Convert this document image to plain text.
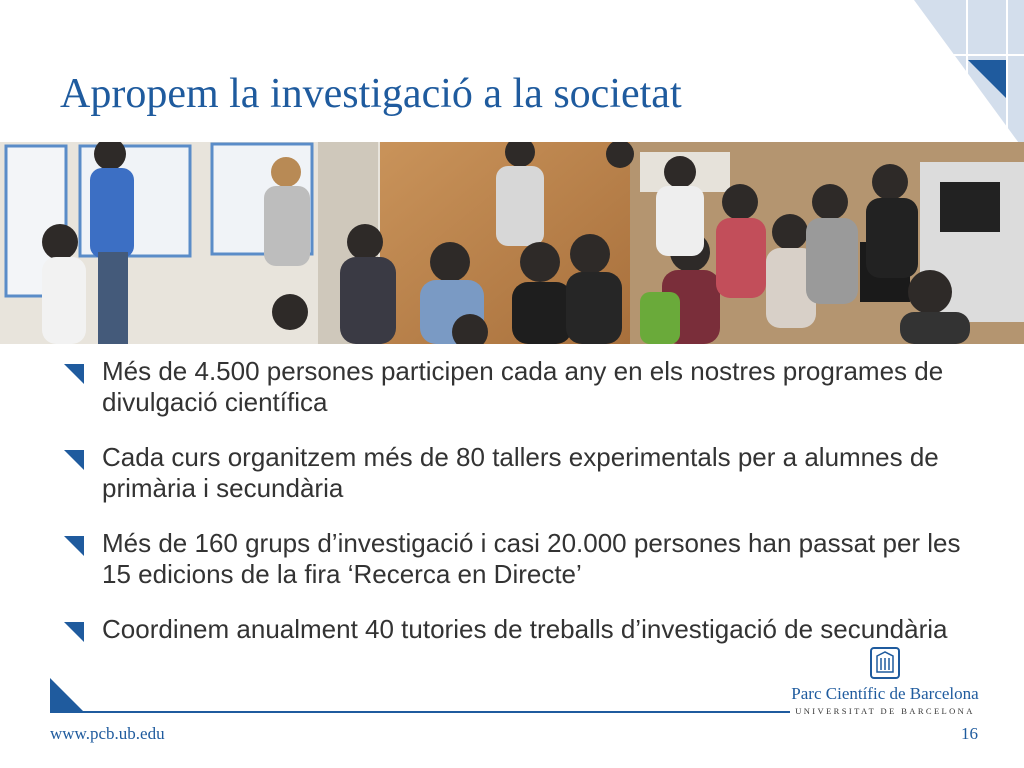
Apropem la investigació a la societat
Més de 4.500 persones participen cada any en els nostres programes de divulgació científica
Cada curs organitzem més de 80 tallers experimentals per a alumnes de primària i secundària
Més de 160 grups d’investigació i casi 20.000 persones han passat per les 15 edicions de la fira ‘Recerca en Directe’
Coordinem anualment 40 tutories de treballs d’investigació de secundària
Parc Científic de Barcelona
UNIVERSITAT DE BARCELONA
www.pcb.ub.edu	16
